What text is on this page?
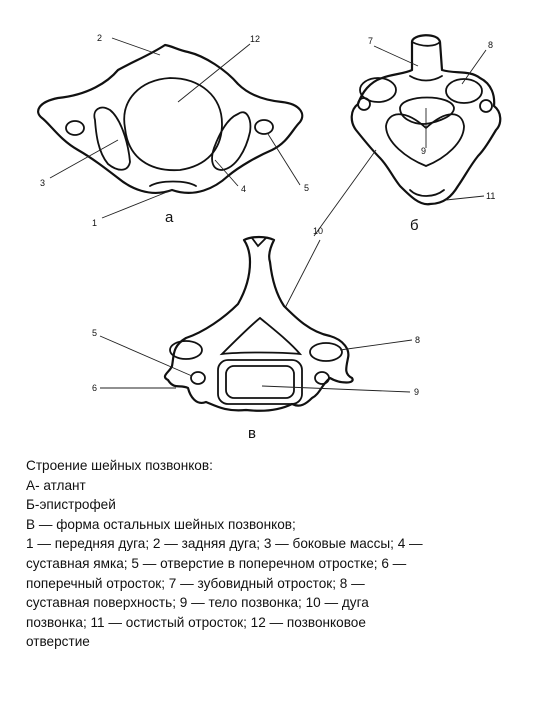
2	12
3
4	5
1	а
7	8
9
10
11
б
5
6
8
9
в
Строение шейных позвонков:
А- атлант
Б-эпистрофей
В — форма остальных шейных позвонков;
1 — передняя дуга; 2 — задняя дуга; 3 — боковые массы; 4 —
суставная ямка; 5 — отверстие в поперечном отростке; 6 —
поперечный отросток; 7 — зубовидный отросток; 8 —
суставная поверхность; 9 — тело позвонка; 10 — дуга
позвонка; 11 — остистый отросток; 12 — позвонковое
отверстие
